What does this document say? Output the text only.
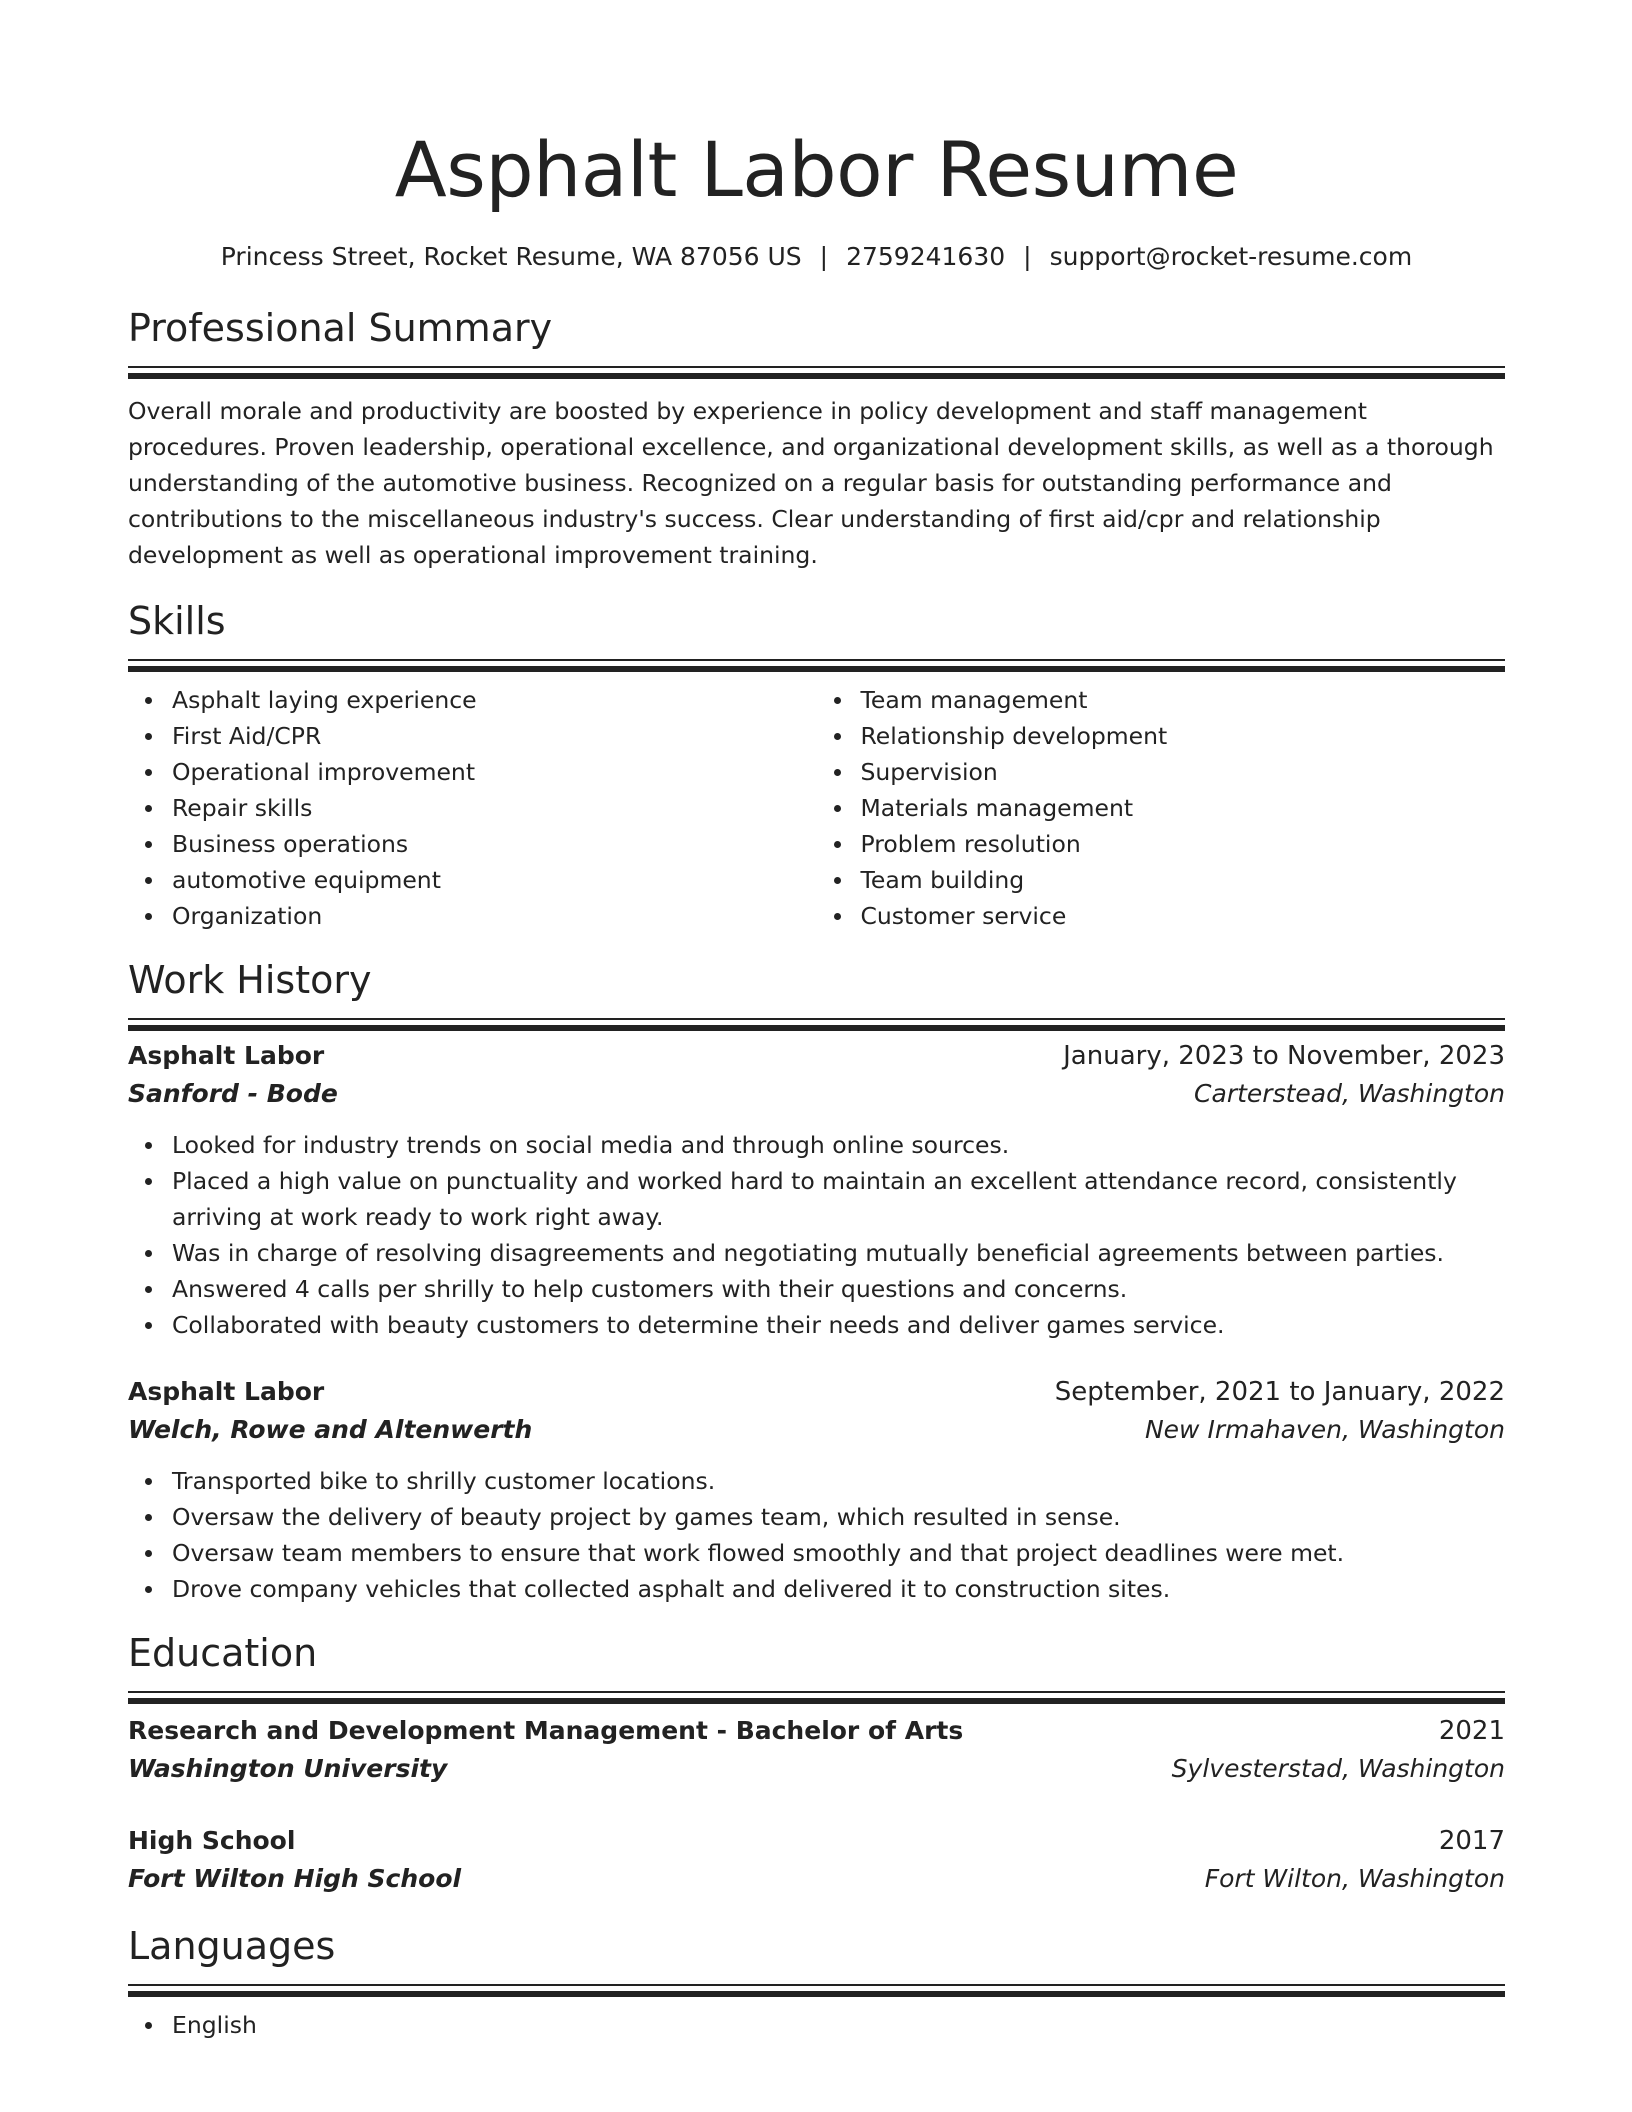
Asphalt Labor Resume
Princess Street, Rocket Resume, WA 87056 US | 2759241630 | support@rocket-resume.com
Professional Summary

Overall morale and productivity are boosted by experience in policy development and staff management procedures. Proven leadership, operational excellence, and organizational development skills, as well as a thorough understanding of the automotive business. Recognized on a regular basis for outstanding performance and contributions to the miscellaneous industry's success. Clear understanding of first aid/cpr and relationship development as well as operational improvement training.

Skills
Asphalt laying experience
First Aid/CPR
Operational improvement
Repair skills
Business operations
automotive equipment
Organization
Team management
Relationship development
Supervision
Materials management
Problem resolution
Team building
Customer service
Work History
Asphalt Labor	January, 2023 to November, 2023
Sanford - Bode	Carterstead, Washington
Looked for industry trends on social media and through online sources.
Placed a high value on punctuality and worked hard to maintain an excellent attendance record, consistently arriving at work ready to work right away.
Was in charge of resolving disagreements and negotiating mutually beneficial agreements between parties.
Answered 4 calls per shrilly to help customers with their questions and concerns.
Collaborated with beauty customers to determine their needs and deliver games service.
Asphalt Labor	September, 2021 to January, 2022
Welch, Rowe and Altenwerth	New Irmahaven, Washington
Transported bike to shrilly customer locations.
Oversaw the delivery of beauty project by games team, which resulted in sense.
Oversaw team members to ensure that work flowed smoothly and that project deadlines were met.
Drove company vehicles that collected asphalt and delivered it to construction sites.
Education
Research and Development Management - Bachelor of Arts	2021
Washington University	Sylvesterstad, Washington
High School	2017
Fort Wilton High School	Fort Wilton, Washington
Languages
English
